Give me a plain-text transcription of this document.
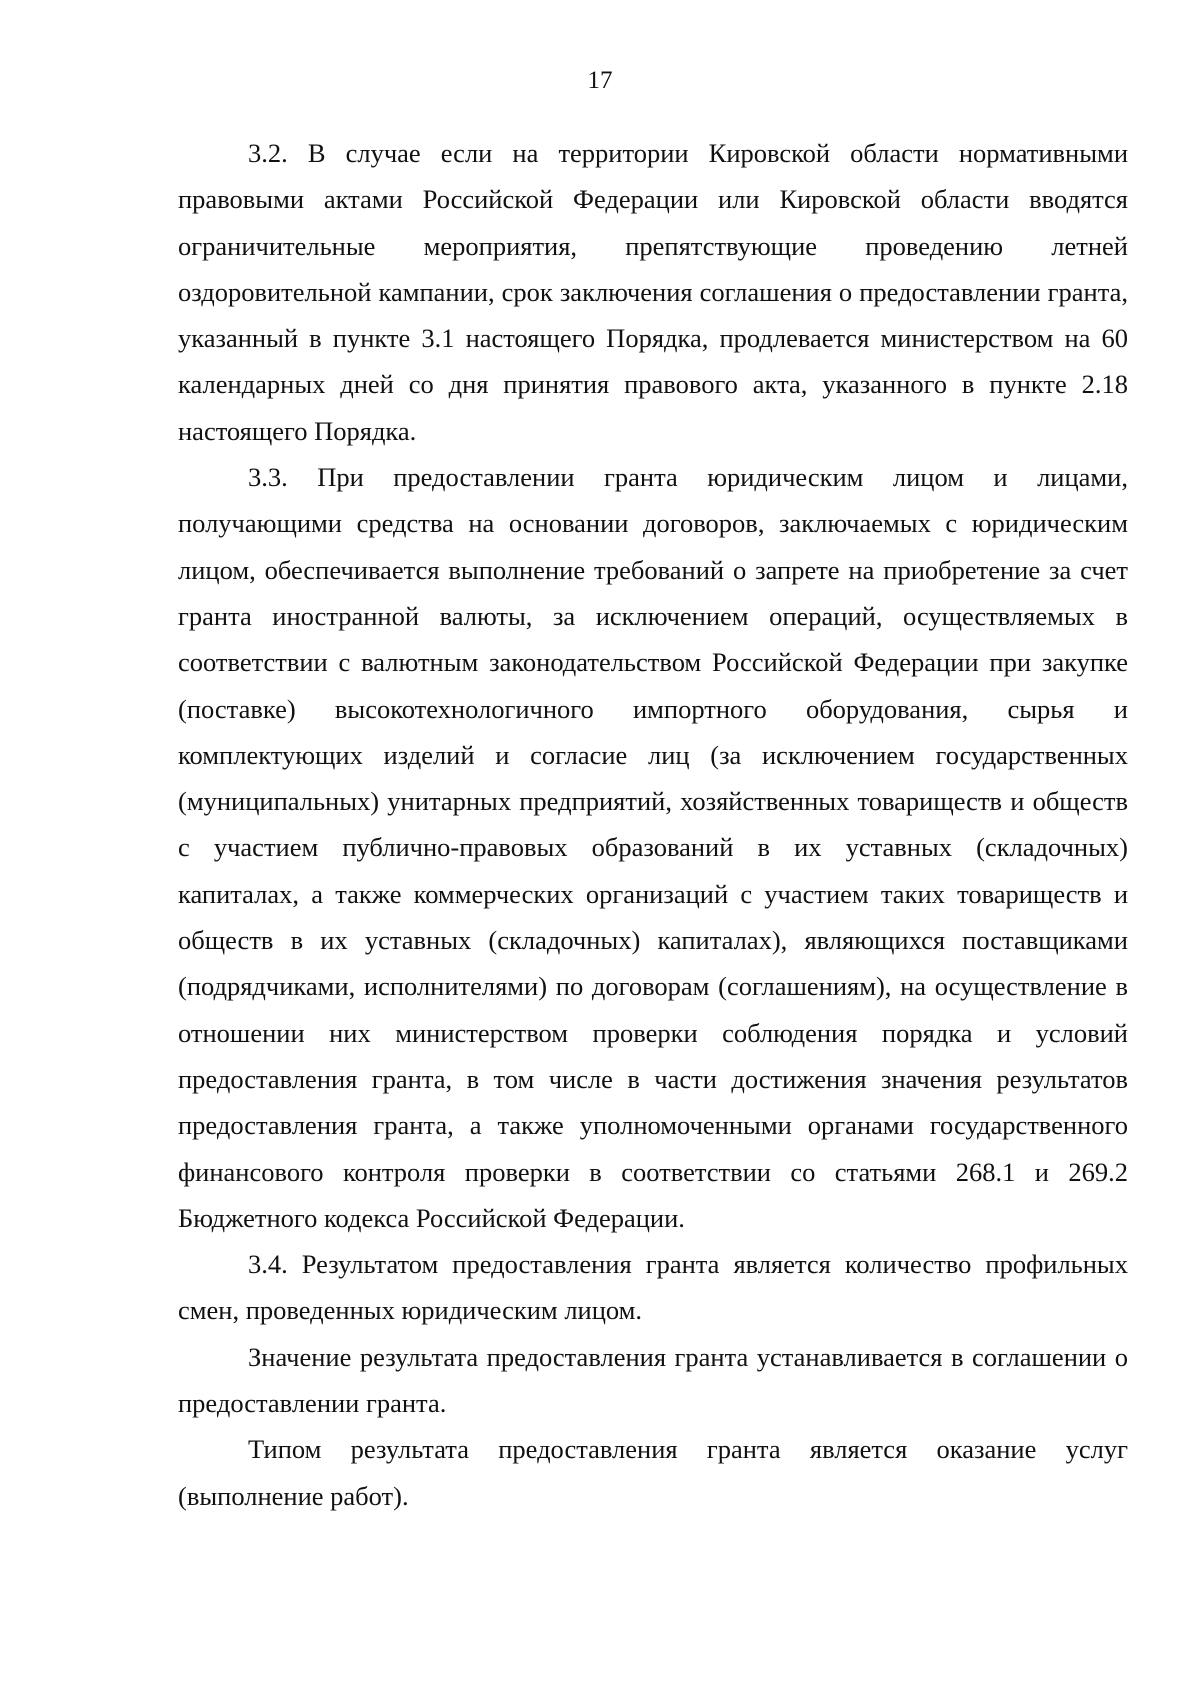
17

3.2. В случае если на территории Кировской области нормативными правовыми актами Российской Федерации или Кировской области вводятся ограничительные мероприятия, препятствующие проведению летней оздоровительной кампании, срок заключения соглашения о предоставлении гранта, указанный в пункте 3.1 настоящего Порядка, продлевается министерством на 60 календарных дней со дня принятия правового акта, указанного в пункте 2.18 настоящего Порядка.

3.3. При предоставлении гранта юридическим лицом и лицами, получающими средства на основании договоров, заключаемых с юридическим лицом, обеспечивается выполнение требований о запрете на приобретение за счет гранта иностранной валюты, за исключением операций, осуществляемых в соответствии с валютным законодательством Российской Федерации при закупке (поставке) высокотехнологичного импортного оборудования, сырья и комплектующих изделий и согласие лиц (за исключением государственных (муниципальных) унитарных предприятий, хозяйственных товариществ и обществ с участием публично-правовых образований в их уставных (складочных) капиталах, а также коммерческих организаций с участием таких товариществ и обществ в их уставных (складочных) капиталах), являющихся поставщиками (подрядчиками, исполнителями) по договорам (соглашениям), на осуществление в отношении них министерством проверки соблюдения порядка и условий предоставления гранта, в том числе в части достижения значения результатов предоставления гранта, а также уполномоченными органами государственного финансового контроля проверки в соответствии со статьями 268.1 и 269.2 Бюджетного кодекса Российской Федерации.

3.4. Результатом предоставления гранта является количество профильных смен, проведенных юридическим лицом.

Значение результата предоставления гранта устанавливается в соглашении о предоставлении гранта.

Типом результата предоставления гранта является оказание услуг (выполнение работ).
